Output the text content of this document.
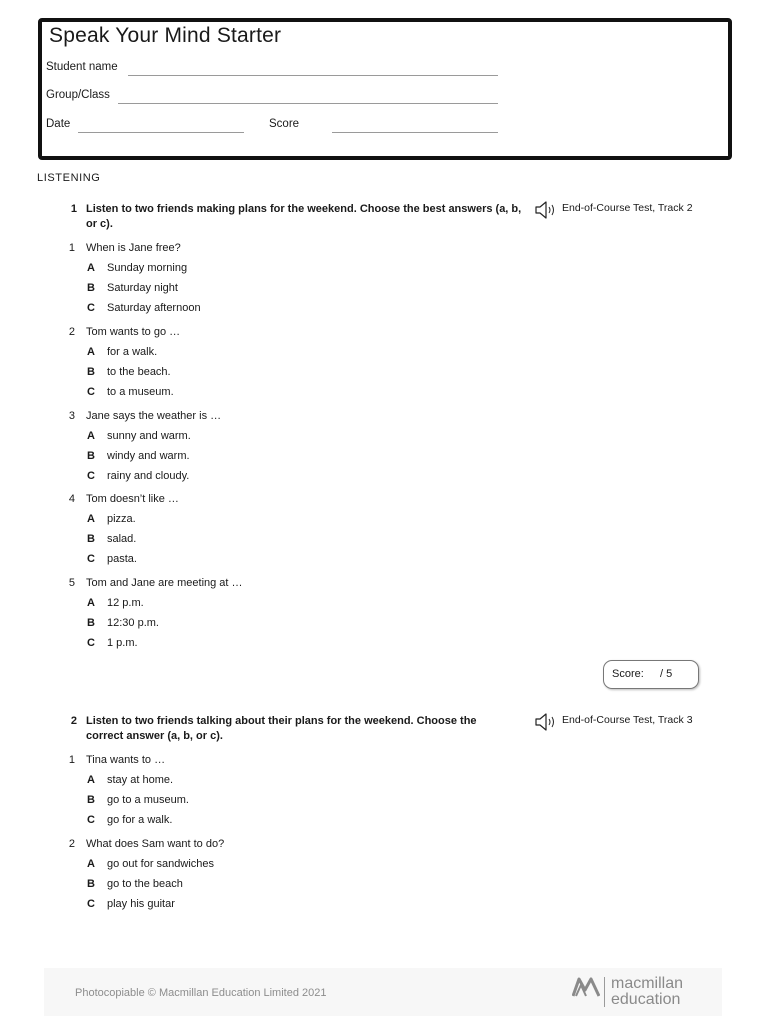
Speak Your Mind Starter
Student name
Group/Class
Date	Score
LISTENING
1 Listen to two friends making plans for the weekend. Choose the best answers (a, b, or c).
End-of-Course Test, Track 2
1 When is Jane free?
A Sunday morning
B Saturday night
C Saturday afternoon
2 Tom wants to go …
A for a walk.
B to the beach.
C to a museum.
3 Jane says the weather is …
A sunny and warm.
B windy and warm.
C rainy and cloudy.
4 Tom doesn’t like …
A pizza.
B salad.
C pasta.
5 Tom and Jane are meeting at …
A 12 p.m.
B 12:30 p.m.
C 1 p.m.
Score: / 5
2 Listen to two friends talking about their plans for the weekend. Choose the correct answer (a, b, or c).
End-of-Course Test, Track 3
1 Tina wants to …
A stay at home.
B go to a museum.
C go for a walk.
2 What does Sam want to do?
A go out for sandwiches
B go to the beach
C play his guitar
Photocopiable © Macmillan Education Limited 2021
macmillan
education
